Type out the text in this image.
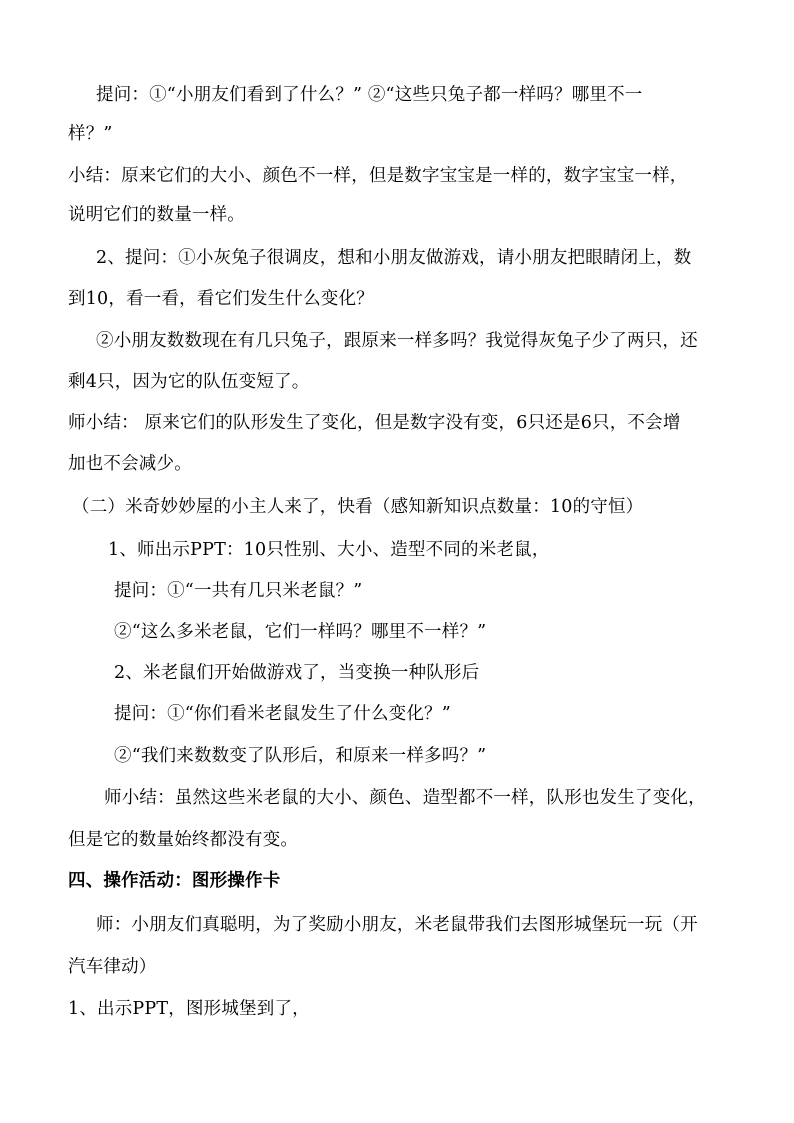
提问：①“小朋友们看到了什么？” ②“这些只兔子都一样吗？哪里不一

样？”

小结：原来它们的大小、颜色不一样，但是数字宝宝是一样的，数字宝宝一样，

说明它们的数量一样。

2、提问：①小灰兔子很调皮，想和小朋友做游戏，请小朋友把眼睛闭上，数

到10，看一看，看它们发生什么变化？

②小朋友数数现在有几只兔子，跟原来一样多吗？我觉得灰兔子少了两只，还

剩4只，因为它的队伍变短了。

师小结： 原来它们的队形发生了变化，但是数字没有变，6只还是6只，不会增

加也不会减少。

（二）米奇妙妙屋的小主人来了，快看（感知新知识点数量：10的守恒）

1、师出示PPT：10只性别、大小、造型不同的米老鼠，

提问：①“一共有几只米老鼠？”

②“这么多米老鼠，它们一样吗？哪里不一样？”

2、米老鼠们开始做游戏了，当变换一种队形后

提问：①“你们看米老鼠发生了什么变化？”

②“我们来数数变了队形后，和原来一样多吗？”

师小结：虽然这些米老鼠的大小、颜色、造型都不一样，队形也发生了变化，

但是它的数量始终都没有变。

四、操作活动：图形操作卡

师：小朋友们真聪明，为了奖励小朋友，米老鼠带我们去图形城堡玩一玩（开

汽车律动）

1、出示PPT，图形城堡到了，
